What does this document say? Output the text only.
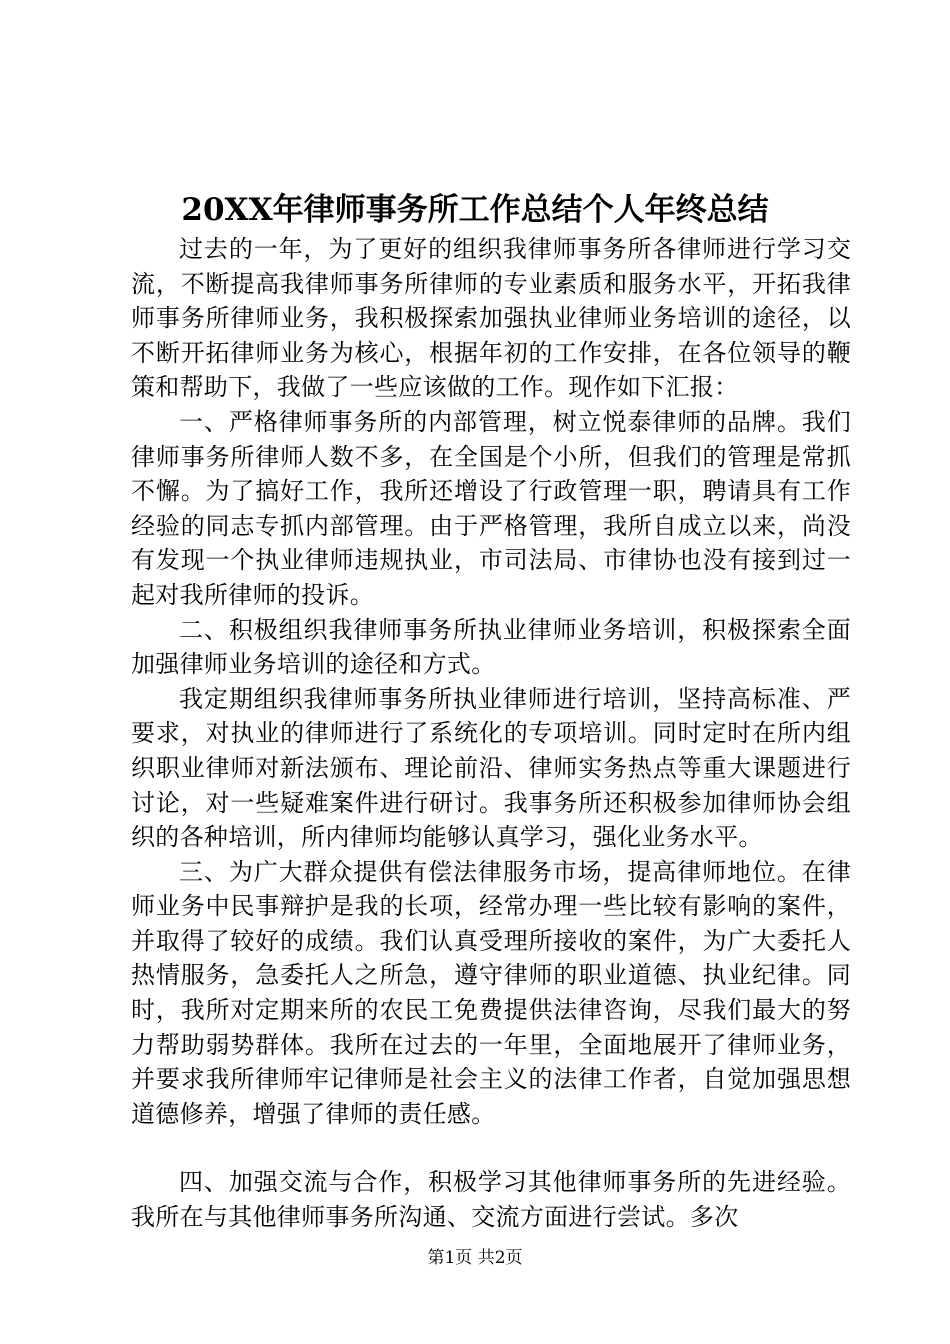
20XX年律师事务所工作总结个人年终总结

过去的一年，为了更好的组织我律师事务所各律师进行学习交流，不断提高我律师事务所律师的专业素质和服务水平，开拓我律师事务所律师业务，我积极探索加强执业律师业务培训的途径，以不断开拓律师业务为核心，根据年初的工作安排，在各位领导的鞭策和帮助下，我做了一些应该做的工作。现作如下汇报：

一、严格律师事务所的内部管理，树立悦泰律师的品牌。我们律师事务所律师人数不多，在全国是个小所，但我们的管理是常抓不懈。为了搞好工作，我所还增设了行政管理一职，聘请具有工作经验的同志专抓内部管理。由于严格管理，我所自成立以来，尚没有发现一个执业律师违规执业，市司法局、市律协也没有接到过一起对我所律师的投诉。

二、积极组织我律师事务所执业律师业务培训，积极探索全面加强律师业务培训的途径和方式。

我定期组织我律师事务所执业律师进行培训，坚持高标准、严要求，对执业的律师进行了系统化的专项培训。同时定时在所内组织职业律师对新法颁布、理论前沿、律师实务热点等重大课题进行讨论，对一些疑难案件进行研讨。我事务所还积极参加律师协会组织的各种培训，所内律师均能够认真学习，强化业务水平。

三、为广大群众提供有偿法律服务市场，提高律师地位。在律师业务中民事辩护是我的长项，经常办理一些比较有影响的案件，并取得了较好的成绩。我们认真受理所接收的案件，为广大委托人热情服务，急委托人之所急，遵守律师的职业道德、执业纪律。同时，我所对定期来所的农民工免费提供法律咨询，尽我们最大的努力帮助弱势群体。我所在过去的一年里，全面地展开了律师业务，并要求我所律师牢记律师是社会主义的法律工作者，自觉加强思想道德修养，增强了律师的责任感。

四、加强交流与合作，积极学习其他律师事务所的先进经验。我所在与其他律师事务所沟通、交流方面进行尝试。多次

第1页 共2页
